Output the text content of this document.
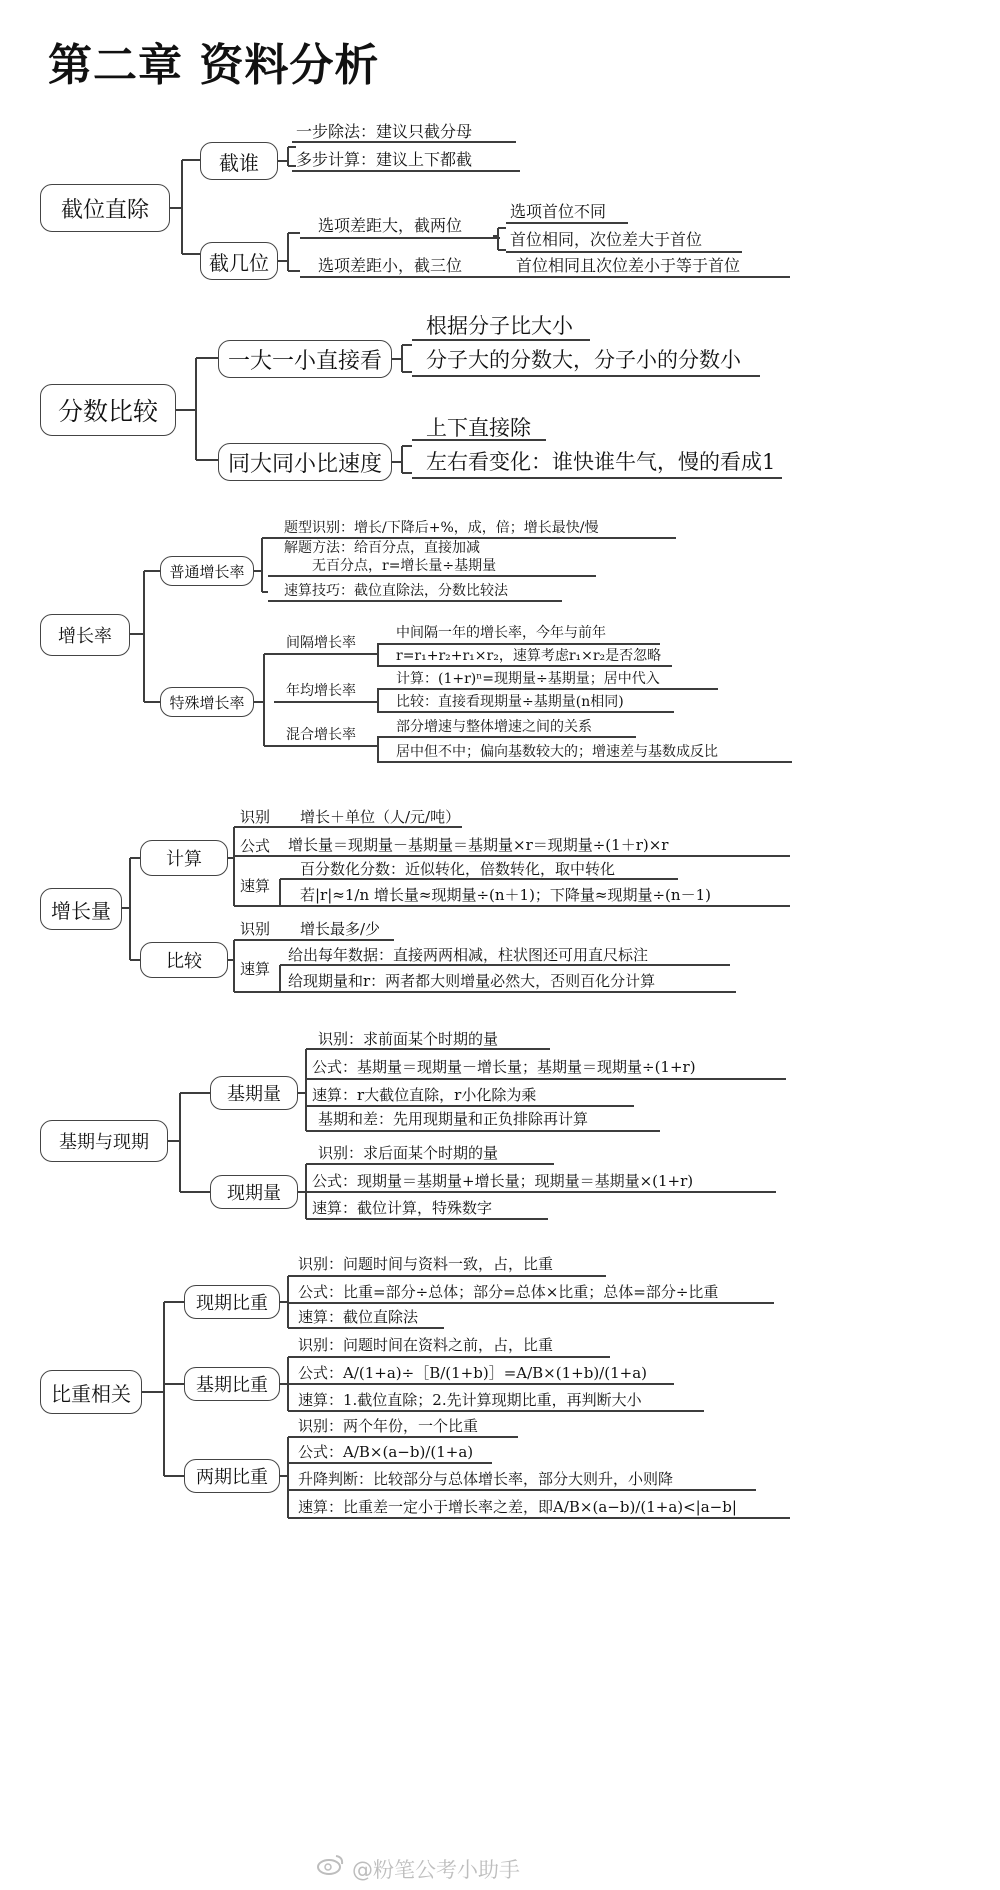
第二章 资料分析
截位直除
截谁
一步除法：建议只截分母
多步计算：建议上下都截
截几位
选项差距大，截两位
选项差距小，截三位
选项首位不同
首位相同，次位差大于首位
首位相同且次位差小于等于首位
分数比较
一大一小直接看
根据分子比大小
分子大的分数大，分子小的分数小
同大同小比速度
上下直接除
左右看变化：谁快谁牛气，慢的看成1
增长率
普通增长率
题型识别：增长/下降后+%，成，倍；增长最快/慢
解题方法：给百分点，直接加减
无百分点，r=增长量÷基期量
速算技巧：截位直除法，分数比较法
特殊增长率
间隔增长率
年均增长率
混合增长率
中间隔一年的增长率，今年与前年
r=r₁+r₂+r₁×r₂，速算考虑r₁×r₂是否忽略
计算：(1+r)ⁿ=现期量÷基期量；居中代入
比较：直接看现期量÷基期量(n相同)
部分增速与整体增速之间的关系
居中但不中；偏向基数较大的；增速差与基数成反比
增长量
计算
识别
公式
速算
增长＋单位（人/元/吨）
增长量＝现期量－基期量＝基期量×r＝现期量÷(1＋r)×r
百分数化分数：近似转化，倍数转化，取中转化
若|r|≈1/n 增长量≈现期量÷(n＋1)；下降量≈现期量÷(n－1)
比较
识别
速算
增长最多/少
给出每年数据：直接两两相减，柱状图还可用直尺标注
给现期量和r：两者都大则增量必然大，否则百化分计算
基期与现期
基期量
识别：求前面某个时期的量
公式：基期量＝现期量－增长量；基期量＝现期量÷(1+r)
速算：r大截位直除，r小化除为乘
基期和差：先用现期量和正负排除再计算
现期量
识别：求后面某个时期的量
公式：现期量＝基期量+增长量；现期量＝基期量×(1+r)
速算：截位计算，特殊数字
比重相关
现期比重
识别：问题时间与资料一致，占，比重
公式：比重=部分÷总体；部分=总体×比重；总体=部分÷比重
速算：截位直除法
基期比重
识别：问题时间在资料之前，占，比重
公式：A/(1+a)÷［B/(1+b)］=A/B×(1+b)/(1+a)
速算：1.截位直除；2.先计算现期比重，再判断大小
两期比重
识别：两个年份，一个比重
公式：A/B×(a−b)/(1+a)
升降判断：比较部分与总体增长率，部分大则升，小则降
速算：比重差一定小于增长率之差，即A/B×(a−b)/(1+a)<|a−b|
@粉笔公考小助手
